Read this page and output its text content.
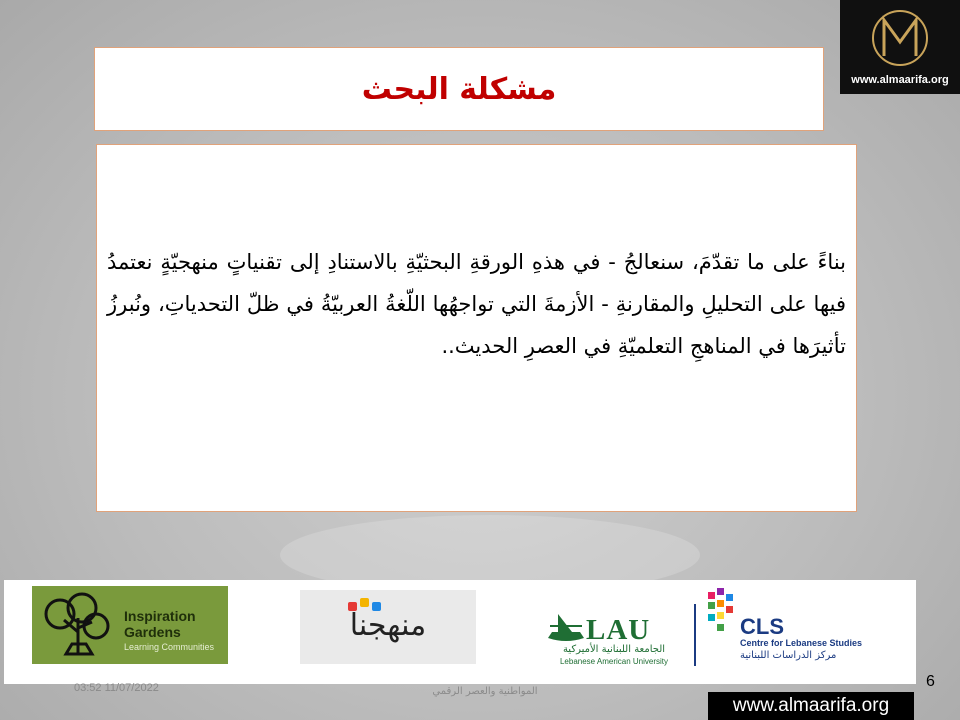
مشكلة البحث
بناءً على ما تقدّمَ، سنعالجُ - في هذهِ الورقةِ البحثيّةِ بالاستنادِ إلى تقنياتٍ منهجيّةٍ نعتمدُ فيها على التحليلِ والمقارنةِ - الأزمةَ التي تواجهُها اللّغةُ العربيّةُ في ظلّ التحدياتِ، ونُبرزُ تأثيرَها في المناهجِ التعلميّةِ في العصرِ الحديث..
www.almaarifa.org
Inspiration
Gardens
Learning Communities
منهجنا	LAU
الجامعة اللبنانية الأميركية
Lebanese American University
CLS
Centre for Lebanese Studies
مركز الدراسات اللبنانية
03:52 11/07/2022	المواطنية والعصر الرقمي
6
www.almaarifa.org
